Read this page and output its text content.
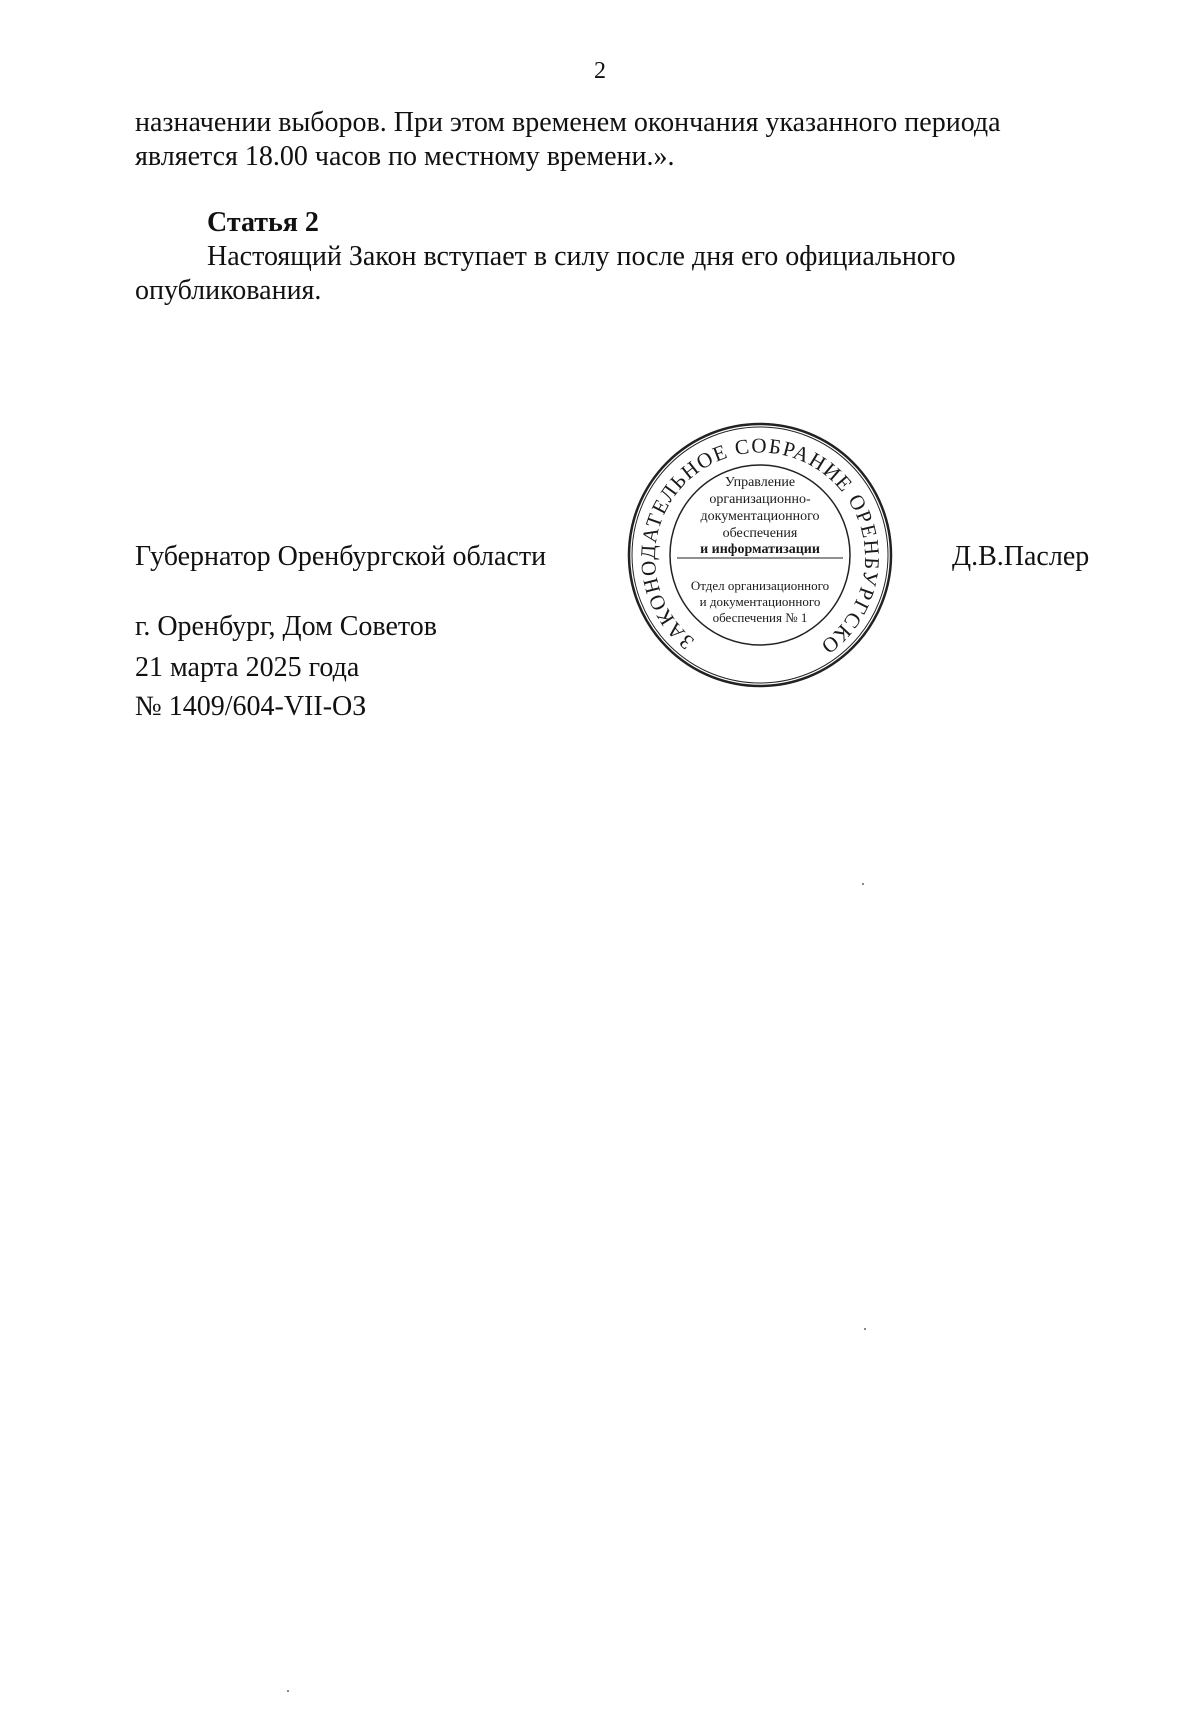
2
назначении выборов. При этом временем окончания указанного периода
является 18.00 часов по местному времени.».
Статья 2
Настоящий Закон вступает в силу после дня его официального
опубликования.
Губернатор Оренбургской области	Д.В.Паслер
г. Оренбург, Дом Советов
21 марта 2025 года
№ 1409/604-VII-ОЗ
ЗАКОНОДАТЕЛЬНОЕ СОБРАНИЕ ОРЕНБУРГСКО
Управление
организационно-
документационного
обеспечения
и информатизации
Отдел организационного
и документационного
обеспечения № 1
